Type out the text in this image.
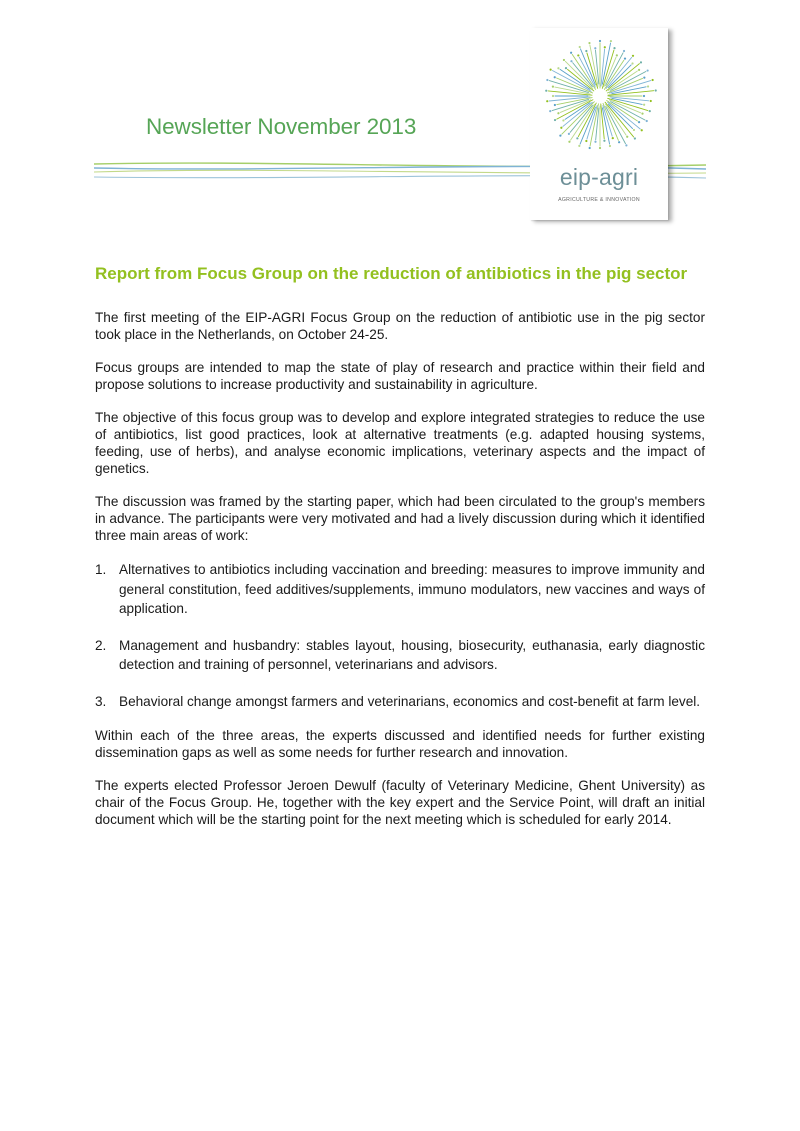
Newsletter November 2013
eip-agri
AGRICULTURE & INNOVATION
Report from Focus Group on the reduction of antibiotics in the pig sector

The first meeting of the EIP-AGRI Focus Group on the reduction of antibiotic use in the pig sector took place in the Netherlands, on October 24-25.

Focus groups are intended to map the state of play of research and practice within their field and propose solutions to increase productivity and sustainability in agriculture.

The objective of this focus group was to develop and explore integrated strategies to reduce the use of antibiotics, list good practices, look at alternative treatments (e.g. adapted housing systems, feeding, use of herbs), and analyse economic implications, veterinary aspects and the impact of genetics.

The discussion was framed by the starting paper, which had been circulated to the group's members in advance. The participants were very motivated and had a lively discussion during which it identified three main areas of work:

1. Alternatives to antibiotics including vaccination and breeding: measures to improve immunity and general constitution, feed additives/supplements, immuno modulators, new vaccines and ways of application.
2. Management and husbandry: stables layout, housing, biosecurity, euthanasia, early diagnostic detection and training of personnel, veterinarians and advisors.
3. Behavioral change amongst farmers and veterinarians, economics and cost-benefit at farm level.

Within each of the three areas, the experts discussed and identified needs for further existing dissemination gaps as well as some needs for further research and innovation.

The experts elected Professor Jeroen Dewulf (faculty of Veterinary Medicine, Ghent University) as chair of the Focus Group. He, together with the key expert and the Service Point, will draft an initial document which will be the starting point for the next meeting which is scheduled for early 2014.
